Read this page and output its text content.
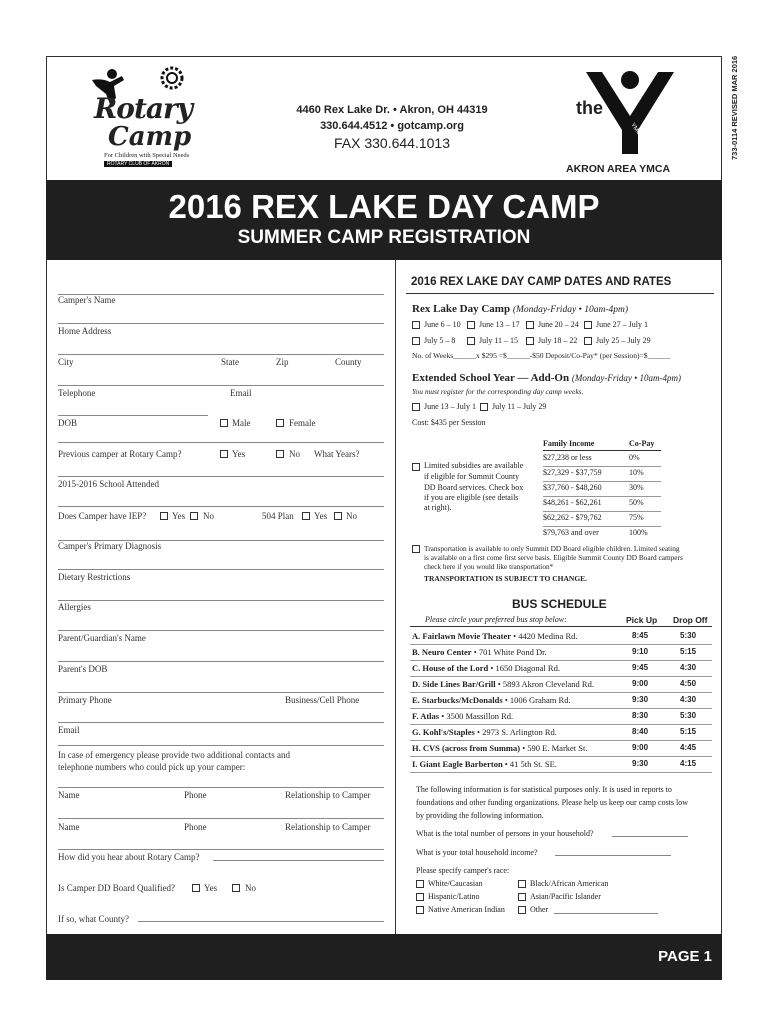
733-0114 REVISED MAR 2016
Rotary
Camp
For Children with Special Needs
ROTARY CLUB OF AKRON
4460 Rex Lake Dr. • Akron, OH 44319
330.644.4512 • gotcamp.org
FAX 330.644.1013
the
YMCA
AKRON AREA YMCA
2016 REX LAKE DAY CAMP
SUMMER CAMP REGISTRATION
Camper's Name
Home Address
City	State	Zip	County
Telephone	Email
DOB	Male	Female
Previous camper at Rotary Camp?	Yes	No What Years?
2015-2016 School Attended
Does Camper have IEP?	Yes No	504 Plan Yes No
Camper's Primary Diagnosis
Dietary Restrictions
Allergies
Parent/Guardian's Name
Parent's DOB
Primary Phone	Business/Cell Phone
Email
In case of emergency please provide two additional contacts and
telephone numbers who could pick up your camper:
Name	Phone	Relationship to Camper
Name	Phone	Relationship to Camper
How did you hear about Rotary Camp?
Is Camper DD Board Qualified?	Yes	No
If so, what County?
2016 REX LAKE DAY CAMP DATES AND RATES
Rex Lake Day Camp (Monday-Friday • 10am-4pm)
June 6 – 10 June 13 – 17 June 20 – 24 June 27 – July 1
July 5 – 8	July 11 – 15 July 18 – 22 July 25 – July 29
No. of Weeks______x $295 =$______-$50 Deposit/Co-Pay* (per Session)=$______
Extended School Year — Add-On (Monday-Friday • 10am-4pm)
You must register for the corresponding day camp weeks.
June 13 – July 1 July 11 – July 29
Cost: $435 per Session
Family Income	Co-Pay
$27,238 or less	0%
$27,329 - $37,759	10%
$37,760 - $48,260	30%
$48,261 - $62,261	50%
$62,262 - $79,762	75%
$79,763 and over	100%
Limited subsidies are available
if eligible for Summit County
DD Board services. Check box
if you are eligible (see details
at right).
Transportation is available to only Summit DD Board eligible children. Limited seating
is available on a first come first serve basis. Eligible Summit County DD Board campers
check here if you would like transportation*
TRANSPORTATION IS SUBJECT TO CHANGE.
BUS SCHEDULE
Please circle your preferred bus stop below:	Pick Up Drop Off
A. Fairlawn Movie Theater • 4420 Medina Rd.	8:45	5:30
B. Neuro Center • 701 White Pond Dr.	9:10	5:15
C. House of the Lord • 1650 Diagonal Rd.	9:45	4:30
D. Side Lines Bar/Grill • 5893 Akron Cleveland Rd.	9:00	4:50
E. Starbucks/McDonalds • 1006 Graham Rd.	9:30	4:30
F. Atlas • 3500 Massillon Rd.	8:30	5:30
G. Kohl's/Staples • 2973 S. Arlington Rd.	8:40	5:15
H. CVS (across from Summa) • 590 E. Market St.	9:00	4:45
I. Giant Eagle Barberton • 41 5th St. SE.	9:30	4:15
The following information is for statistical purposes only. It is used in reports to
foundations and other funding organizations. Please help us keep our camp costs low
by providing the following information.
What is the total number of persons in your household?
What is your total household income?
Please specify camper's race:
White/Caucasian	Black/African American
Hispanic/Latino	Asian/Pacific Islander
Native American Indian	Other
PAGE 1
